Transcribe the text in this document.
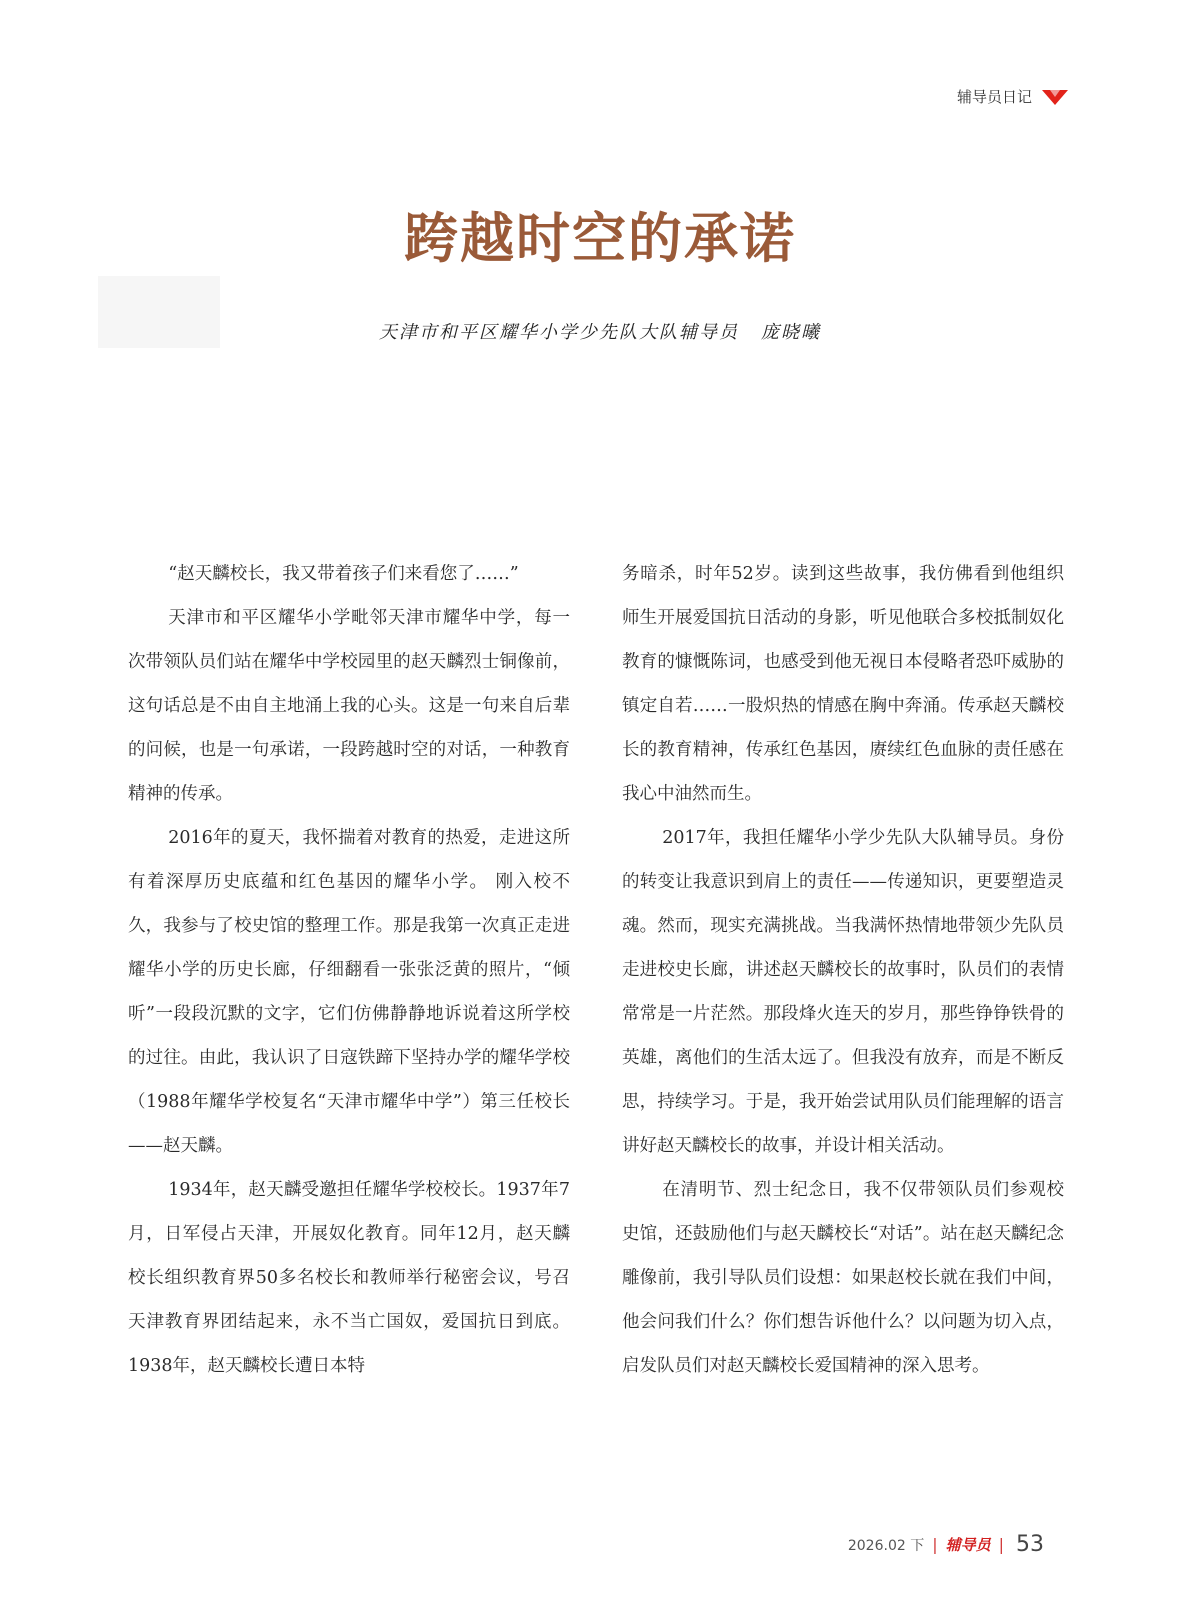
辅导员日记
跨越时空的承诺
天津市和平区耀华小学少先队大队辅导员 庞晓曦

“赵天麟校长，我又带着孩子们来看您了……”

天津市和平区耀华小学毗邻天津市耀华中学，每一次带领队员们站在耀华中学校园里的赵天麟烈士铜像前，这句话总是不由自主地涌上我的心头。这是一句来自后辈的问候，也是一句承诺，一段跨越时空的对话，一种教育精神的传承。

2016年的夏天，我怀揣着对教育的热爱，走进这所有着深厚历史底蕴和红色基因的耀华小学。 刚入校不久，我参与了校史馆的整理工作。那是我第一次真正走进耀华小学的历史长廊，仔细翻看一张张泛黄的照片，“倾听”一段段沉默的文字，它们仿佛静静地诉说着这所学校的过往。由此，我认识了日寇铁蹄下坚持办学的耀华学校（1988年耀华学校复名“天津市耀华中学”）第三任校长——赵天麟。

1934年，赵天麟受邀担任耀华学校校长。1937年7月，日军侵占天津，开展奴化教育。同年12月，赵天麟校长组织教育界50多名校长和教师举行秘密会议，号召天津教育界团结起来，永不当亡国奴，爱国抗日到底。1938年，赵天麟校长遭日本特

务暗杀，时年52岁。读到这些故事，我仿佛看到他组织师生开展爱国抗日活动的身影，听见他联合多校抵制奴化教育的慷慨陈词，也感受到他无视日本侵略者恐吓威胁的镇定自若……一股炽热的情感在胸中奔涌。传承赵天麟校长的教育精神，传承红色基因，赓续红色血脉的责任感在我心中油然而生。

2017年，我担任耀华小学少先队大队辅导员。身份的转变让我意识到肩上的责任——传递知识，更要塑造灵魂。然而，现实充满挑战。当我满怀热情地带领少先队员走进校史长廊，讲述赵天麟校长的故事时，队员们的表情常常是一片茫然。那段烽火连天的岁月，那些铮铮铁骨的英雄，离他们的生活太远了。但我没有放弃，而是不断反思，持续学习。于是，我开始尝试用队员们能理解的语言讲好赵天麟校长的故事，并设计相关活动。

在清明节、烈士纪念日，我不仅带领队员们参观校史馆，还鼓励他们与赵天麟校长“对话”。站在赵天麟纪念雕像前，我引导队员们设想：如果赵校长就在我们中间，他会问我们什么？你们想告诉他什么？以问题为切入点，启发队员们对赵天麟校长爱国精神的深入思考。

2026.02 下 | 辅导员 | 53
